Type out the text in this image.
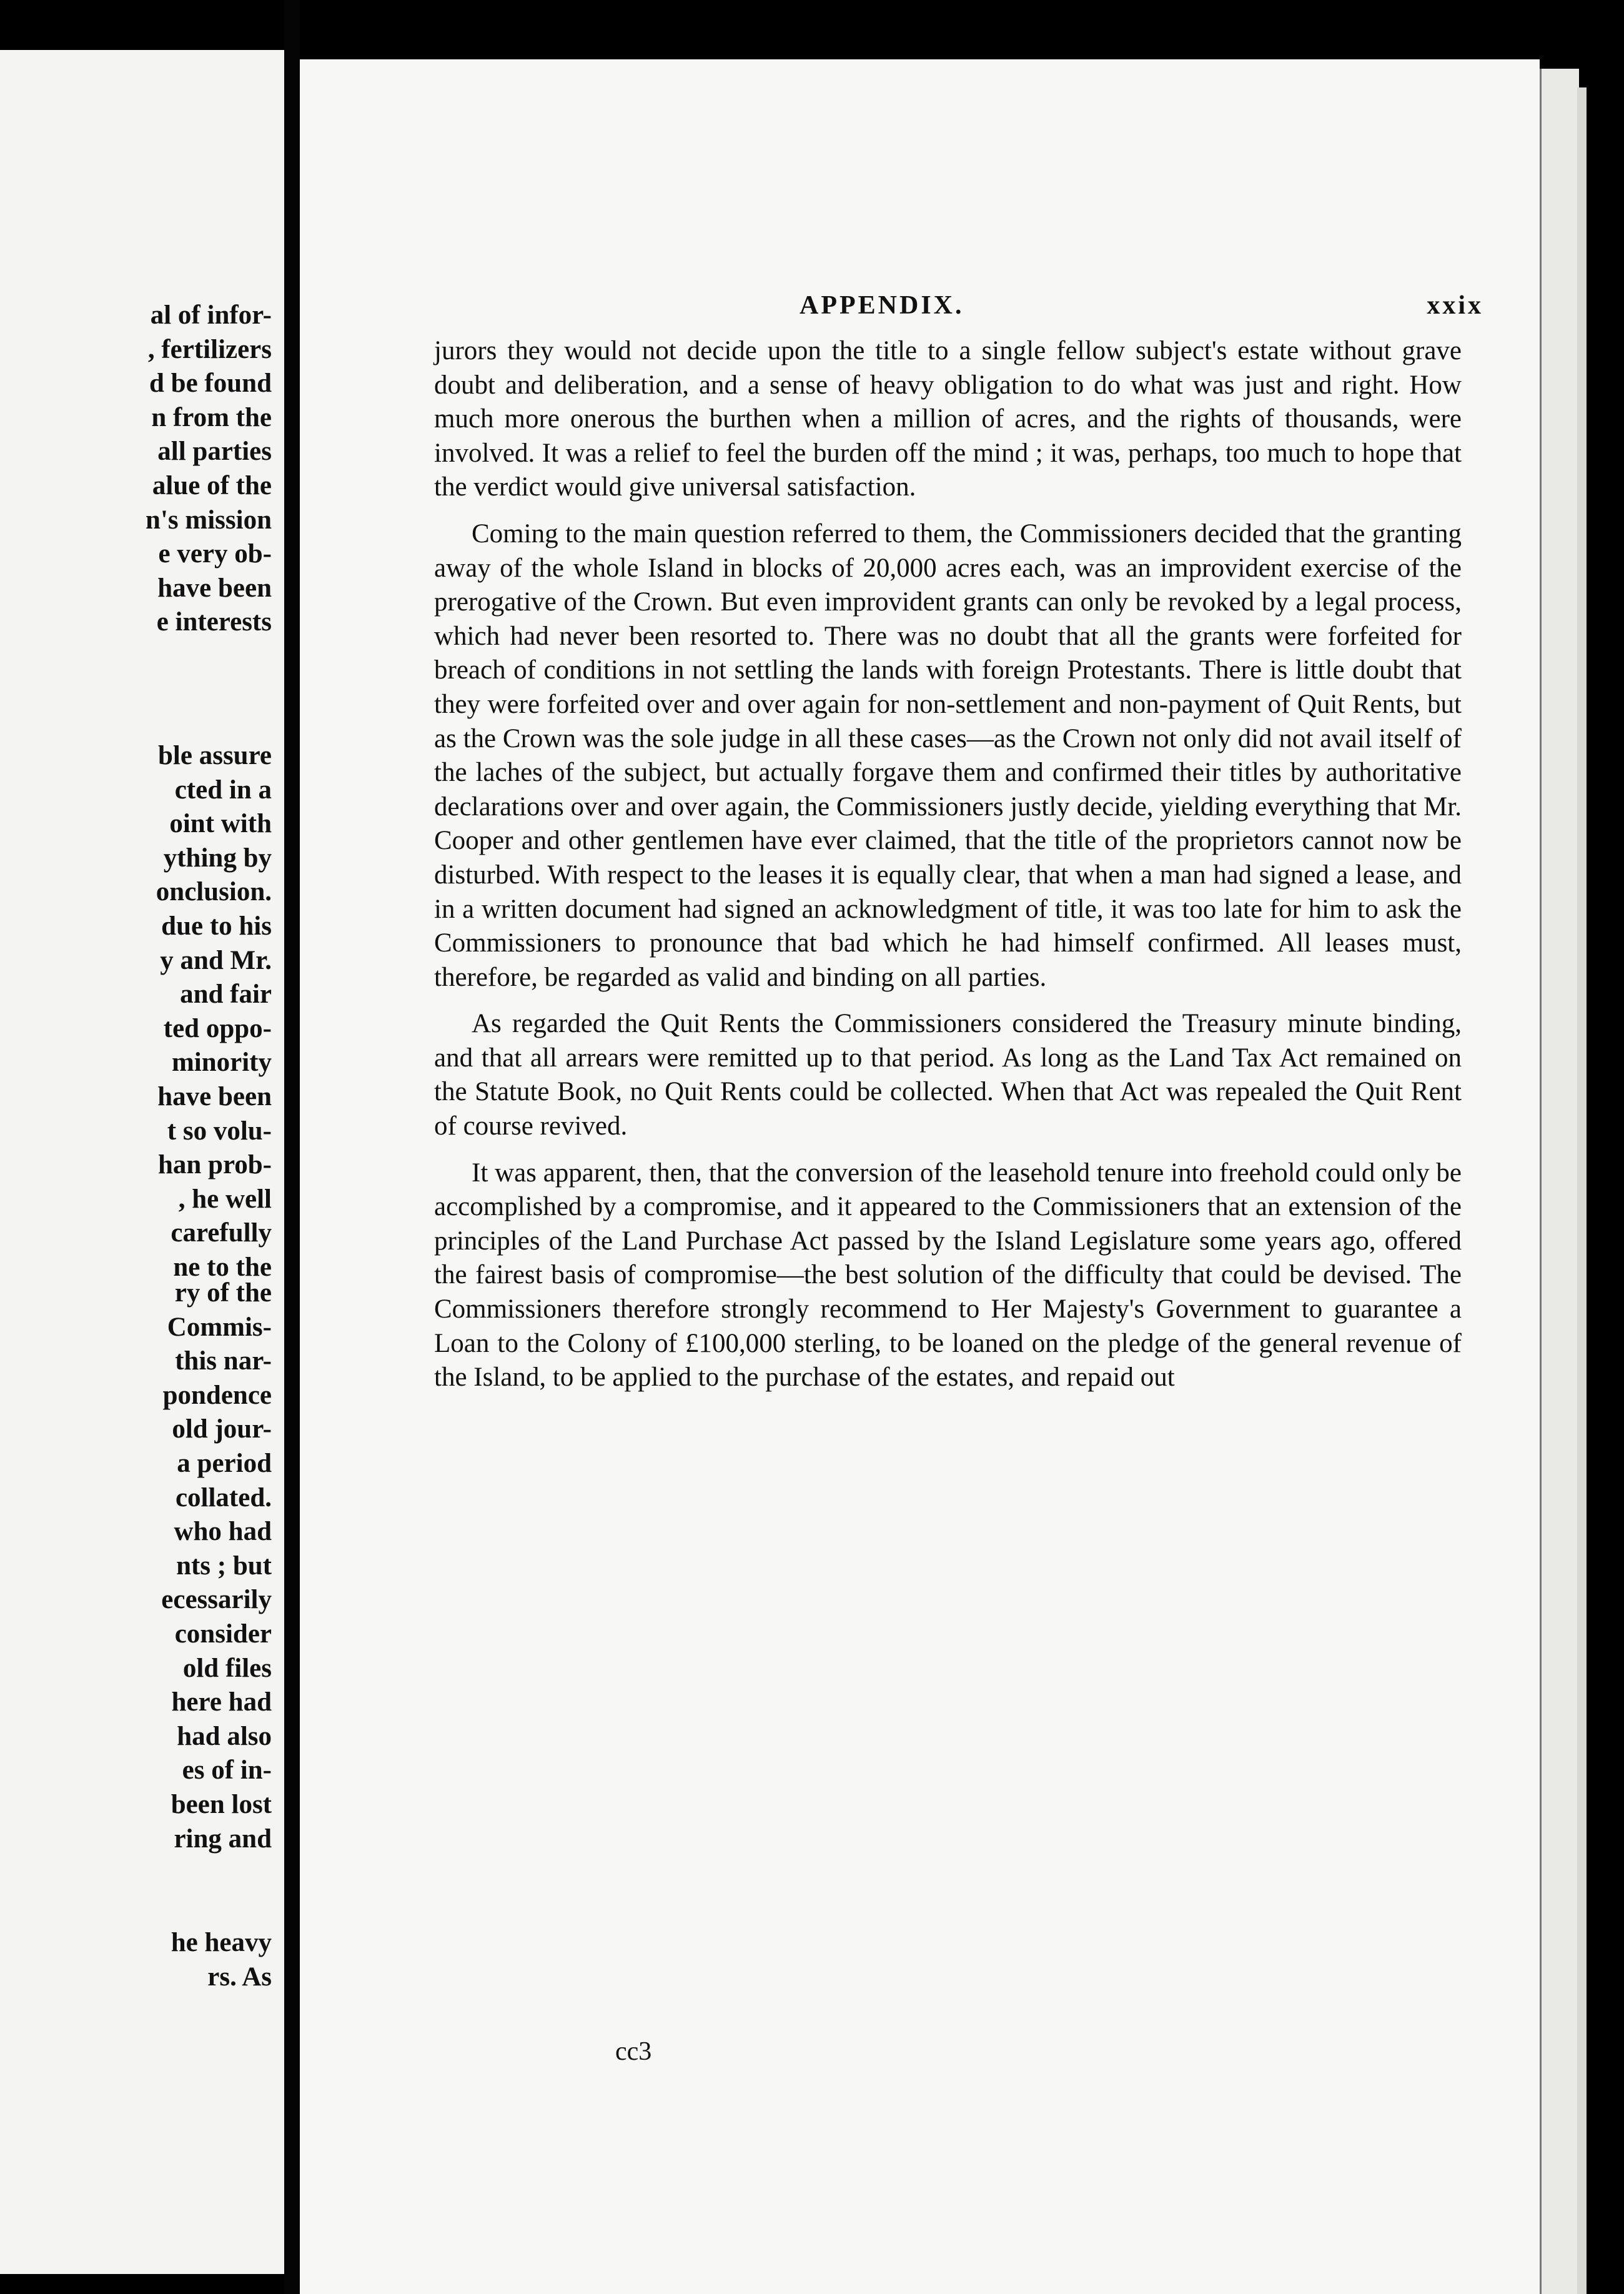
al of infor-
, fertilizers
d be found
n from the
all parties
alue of the
n's mission
e very ob-
have been
e interests
ble assure
cted in a
oint with
ything by
onclusion.
due to his
y and Mr.
and fair
ted oppo-
minority
have been
t so volu-
han prob-
, he well
carefully
ne to the
ry of the
Commis-
this nar-
pondence
old jour-
a period
collated.
who had
nts ; but
ecessarily
consider
old files
here had
had also
es of in-
been lost
ring and
he heavy
rs. As
APPENDIX.	xxix

jurors they would not decide upon the title to a single fellow subject's estate without grave doubt and deliberation, and a sense of heavy obligation to do what was just and right. How much more onerous the burthen when a million of acres, and the rights of thousands, were involved. It was a relief to feel the burden off the mind ; it was, perhaps, too much to hope that the verdict would give universal satisfaction.

Coming to the main question referred to them, the Commissioners decided that the granting away of the whole Island in blocks of 20,000 acres each, was an improvident exercise of the prerogative of the Crown. But even improvident grants can only be revoked by a legal process, which had never been resorted to. There was no doubt that all the grants were forfeited for breach of conditions in not settling the lands with foreign Protestants. There is little doubt that they were forfeited over and over again for non-settlement and non-payment of Quit Rents, but as the Crown was the sole judge in all these cases—as the Crown not only did not avail itself of the laches of the subject, but actually forgave them and confirmed their titles by authoritative declarations over and over again, the Commissioners justly decide, yielding everything that Mr. Cooper and other gentlemen have ever claimed, that the title of the proprietors cannot now be disturbed. With respect to the leases it is equally clear, that when a man had signed a lease, and in a written document had signed an acknowledgment of title, it was too late for him to ask the Commissioners to pronounce that bad which he had himself confirmed. All leases must, therefore, be regarded as valid and binding on all parties.

As regarded the Quit Rents the Commissioners considered the Treasury minute binding, and that all arrears were remitted up to that period. As long as the Land Tax Act remained on the Statute Book, no Quit Rents could be collected. When that Act was repealed the Quit Rent of course revived.

It was apparent, then, that the conversion of the leasehold tenure into freehold could only be accomplished by a compromise, and it appeared to the Commissioners that an extension of the principles of the Land Purchase Act passed by the Island Legislature some years ago, offered the fairest basis of compromise—the best solution of the difficulty that could be devised. The Commissioners therefore strongly recommend to Her Majesty's Government to guarantee a Loan to the Colony of £100,000 sterling, to be loaned on the pledge of the general revenue of the Island, to be applied to the purchase of the estates, and repaid out

cc3
